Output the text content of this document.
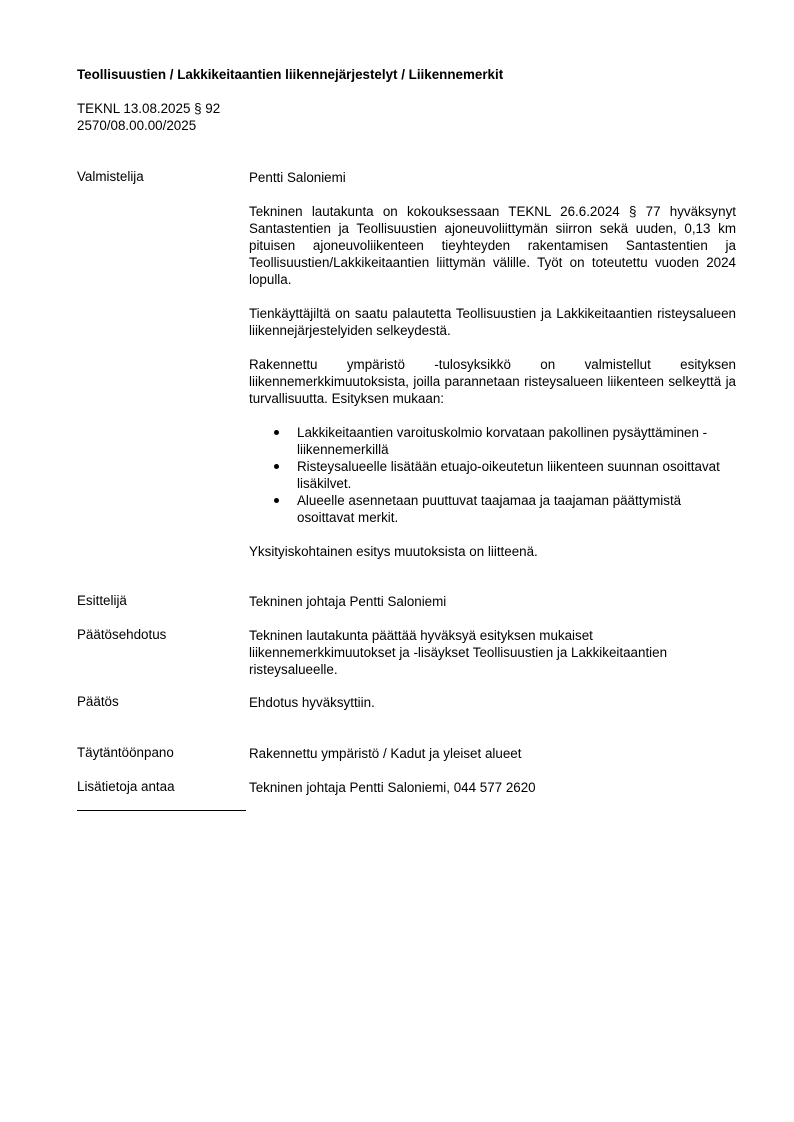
Teollisuustien / Lakkikeitaantien liikennejärjestelyt / Liikennemerkit
TEKNL 13.08.2025 § 92
2570/08.00.00/2025
Valmistelija	Pentti Saloniemi

Tekninen lautakunta on kokouksessaan TEKNL 26.6.2024 § 77 hyväksynyt Santastentien ja Teollisuustien ajoneuvoliittymän siirron sekä uuden, 0,13 km pituisen ajoneuvoliikenteen tieyhteyden rakentamisen Santastentien ja Teollisuustien/Lakkikeitaantien liittymän välille. Työt on toteutettu vuoden 2024 lopulla.

Tienkäyttäjiltä on saatu palautetta Teollisuustien ja Lakkikeitaantien risteysalueen liikennejärjestelyiden selkeydestä.

Rakennettu ympäristö -tulosyksikkö on valmistellut esityksen liikennemerkkimuutoksista, joilla parannetaan risteysalueen liikenteen selkeyttä ja turvallisuutta. Esityksen mukaan:

Lakkikeitaantien varoituskolmio korvataan pakollinen pysäyttäminen -liikennemerkillä
Risteysalueelle lisätään etuajo-oikeutetun liikenteen suunnan osoittavat lisäkilvet.
Alueelle asennetaan puuttuvat taajamaa ja taajaman päättymistä osoittavat merkit.

Yksityiskohtainen esitys muutoksista on liitteenä.

Esittelijä	Tekninen johtaja Pentti Saloniemi
Päätösehdotus	Tekninen lautakunta päättää hyväksyä esityksen mukaiset liikennemerkkimuutokset ja -lisäykset Teollisuustien ja Lakkikeitaantien risteysalueelle.
Päätös	Ehdotus hyväksyttiin.
Täytäntöönpano	Rakennettu ympäristö / Kadut ja yleiset alueet
Lisätietoja antaa	Tekninen johtaja Pentti Saloniemi, 044 577 2620
